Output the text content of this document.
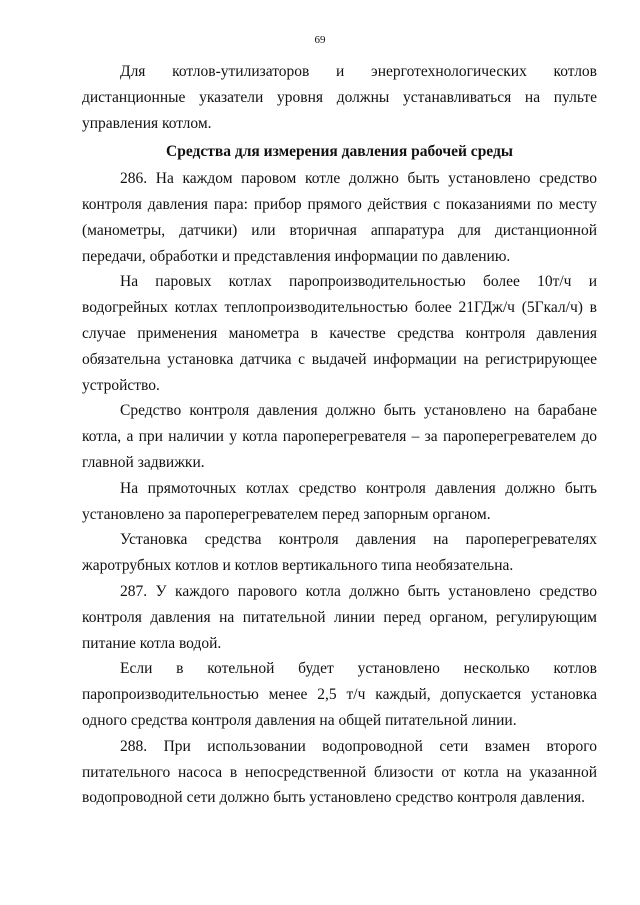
69

Для котлов-утилизаторов и энерготехнологических котлов дистанционные указатели уровня должны устанавливаться на пульте управления котлом.

Средства для измерения давления рабочей среды

286. На каждом паровом котле должно быть установлено средство контроля давления пара: прибор прямого действия с показаниями по месту (манометры, датчики) или вторичная аппаратура для дистанционной передачи, обработки и представления информации по давлению.

На паровых котлах паропроизводительностью более 10т/ч и водогрейных котлах теплопроизводительностью более 21ГДж/ч (5Гкал/ч) в случае применения манометра в качестве средства контроля давления обязательна установка датчика с выдачей информации на регистрирующее устройство.

Средство контроля давления должно быть установлено на барабане котла, а при наличии у котла пароперегревателя – за пароперегревателем до главной задвижки.

На прямоточных котлах средство контроля давления должно быть установлено за пароперегревателем перед запорным органом.

Установка средства контроля давления на пароперегревателях жаротрубных котлов и котлов вертикального типа необязательна.

287. У каждого парового котла должно быть установлено средство контроля давления на питательной линии перед органом, регулирующим питание котла водой.

Если в котельной будет установлено несколько котлов паропроизводительностью менее 2,5 т/ч каждый, допускается установка одного средства контроля давления на общей питательной линии.

288. При использовании водопроводной сети взамен второго питательного насоса в непосредственной близости от котла на указанной водопроводной сети должно быть установлено средство контроля давления.
